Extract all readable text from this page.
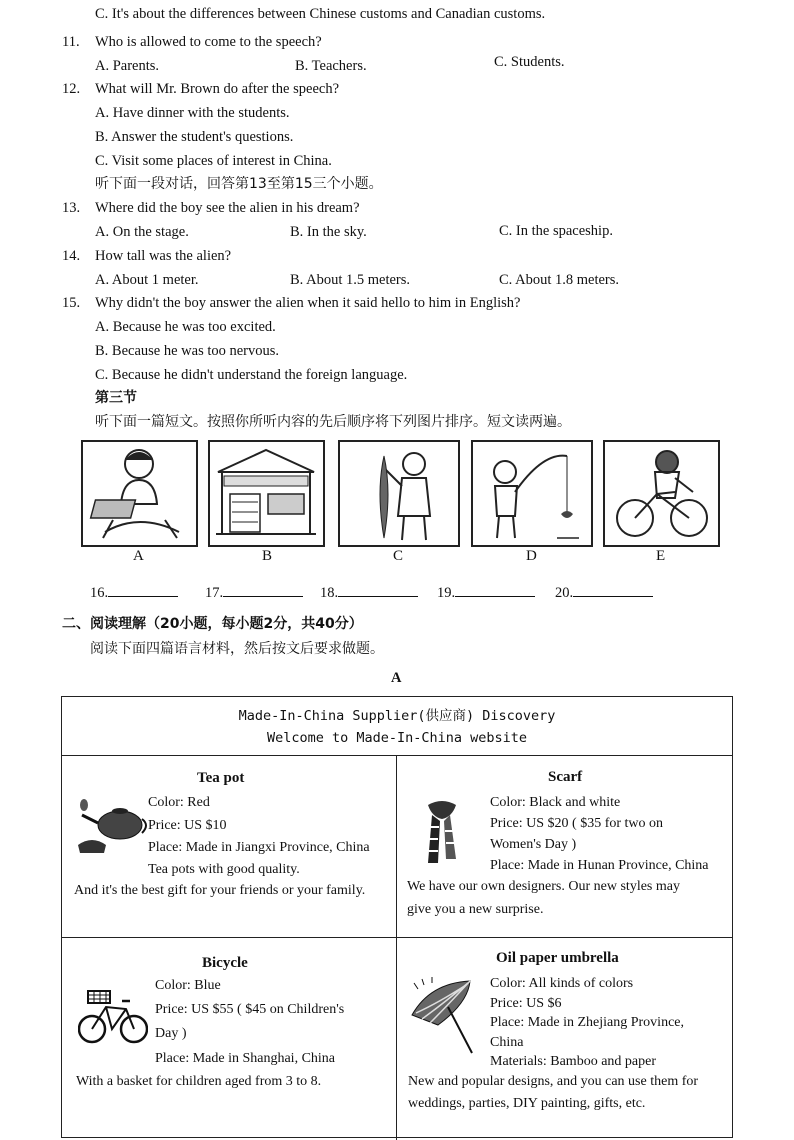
C. It's about the differences between Chinese customs and Canadian customs.
11. Who is allowed to come to the speech?
A. Parents.	B. Teachers.	C. Students.
12. What will Mr. Brown do after the speech?
A. Have dinner with the students.
B. Answer the student's questions.
C. Visit some places of interest in China.
听下面一段对话，回答第13至第15三个小题。
13. Where did the boy see the alien in his dream?
A. On the stage.	B. In the sky.	C. In the spaceship.
14. How tall was the alien?
A. About 1 meter.	B. About 1.5 meters.	C. About 1.8 meters.
15. Why didn't the boy answer the alien when it said hello to him in English?
A. Because he was too excited.
B. Because he was too nervous.
C. Because he didn't understand the foreign language.
第三节
听下面一篇短文。按照你所听内容的先后顺序将下列图片排序。短文读两遍。
A	B	C	D	E
16.	17.	18.	19.	20.
二、阅读理解（20小题，每小题2分，共40分）
阅读下面四篇语言材料，然后按文后要求做题。
A
Made-In-China Supplier(供应商) Discovery
Welcome to Made-In-China website
Tea pot
Color: Red
Price: US $10
Place: Made in Jiangxi Province, China
Tea pots with good quality.
And it's the best gift for your friends or your family.
Scarf
Color: Black and white
Price: US $20 ( $35 for two on
Women's Day )
Place: Made in Hunan Province, China
We have our own designers. Our new styles may
give you a new surprise.
Bicycle
Color: Blue
Price: US $55 ( $45 on Children's
Day )
Place: Made in Shanghai, China
With a basket for children aged from 3 to 8.
Oil paper umbrella
Color: All kinds of colors
Price: US $6
Place: Made in Zhejiang Province,
China
Materials: Bamboo and paper
New and popular designs, and you can use them for
weddings, parties, DIY painting, gifts, etc.
